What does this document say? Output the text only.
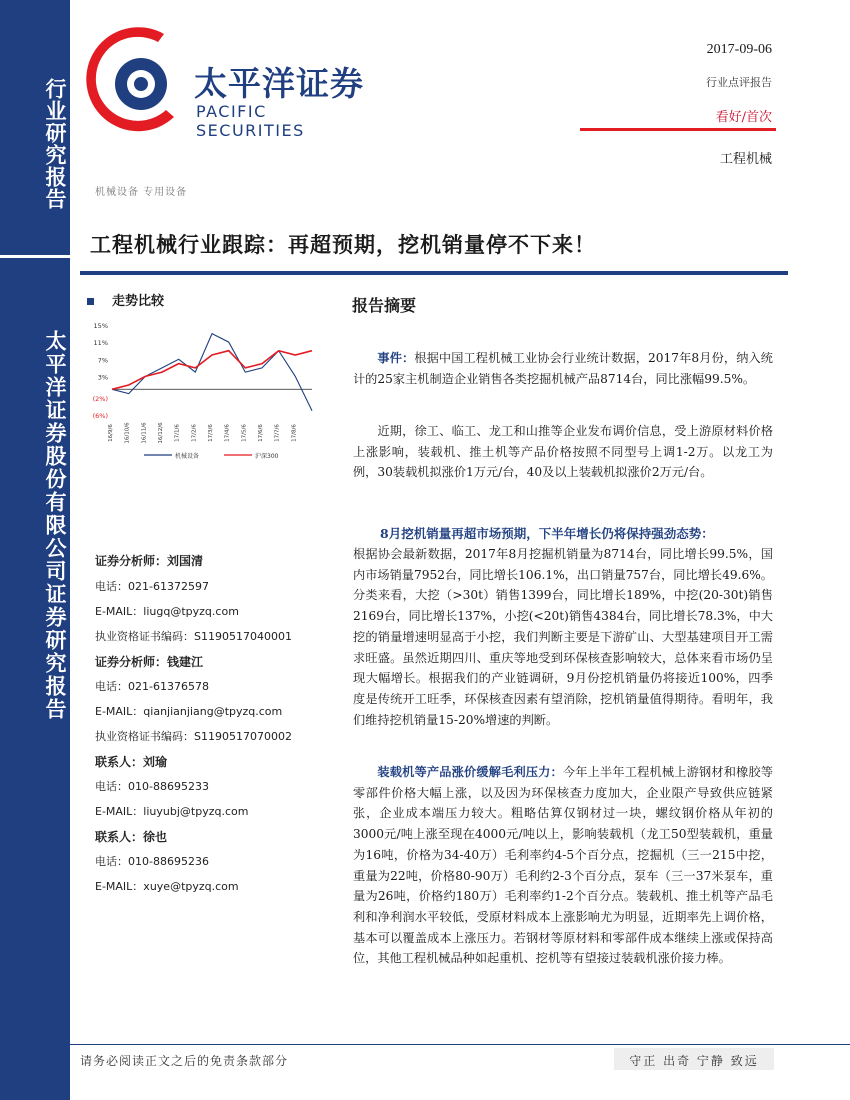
行业研究报告
太平洋证券股份有限公司证券研究报告
太平洋证券
PACIFIC SECURITIES
2017-09-06
行业点评报告
看好/首次
工程机械
机械设备 专用设备
工程机械行业跟踪：再超预期，挖机销量停不下来！
走势比较
15%
11%
7%
3%
(2%)
(6%)
16/9/6 16/10/6 16/11/6 16/12/6 17/1/6 17/2/6 17/3/6 17/4/6 17/5/6 17/6/6 17/7/6 17/8/6
机械设备	沪深300
证券分析师：刘国清
电话：021-61372597
E-MAIL：liugq@tpyzq.com
执业资格证书编码：S1190517040001
证券分析师：钱建江
电话：021-61376578
E-MAIL：qianjianjiang@tpyzq.com
执业资格证书编码：S1190517070002
联系人：刘瑜
电话：010-88695233
E-MAIL：liuyubj@tpyzq.com
联系人：徐也
电话：010-88695236
E-MAIL：xuye@tpyzq.com
报告摘要
事件：根据中国工程机械工业协会行业统计数据，2017年8月份，纳入统计的25家主机制造企业销售各类挖掘机械产品8714台，同比涨幅99.5%。
近期，徐工、临工、龙工和山推等企业发布调价信息，受上游原材料价格上涨影响，装载机、推土机等产品价格按照不同型号上调1-2万。以龙工为例，30装载机拟涨价1万元/台，40及以上装载机拟涨价2万元/台。
8月挖机销量再超市场预期，下半年增长仍将保持强劲态势：
根据协会最新数据，2017年8月挖掘机销量为8714台，同比增长99.5%，国内市场销量7952台，同比增长106.1%，出口销量757台，同比增长49.6%。分类来看，大挖（>30t）销售1399台，同比增长189%，中挖(20-30t)销售2169台，同比增长137%，小挖(<20t)销售4384台，同比增长78.3%，中大挖的销量增速明显高于小挖，我们判断主要是下游矿山、大型基建项目开工需求旺盛。虽然近期四川、重庆等地受到环保核查影响较大，总体来看市场仍呈现大幅增长。根据我们的产业链调研，9月份挖机销量仍将接近100%，四季度是传统开工旺季，环保核查因素有望消除，挖机销量值得期待。看明年，我们维持挖机销量15-20%增速的判断。
装载机等产品涨价缓解毛利压力：今年上半年工程机械上游钢材和橡胶等零部件价格大幅上涨，以及因为环保核查力度加大，企业限产导致供应链紧张，企业成本端压力较大。粗略估算仅钢材过一块，螺纹钢价格从年初的3000元/吨上涨至现在4000元/吨以上，影响装载机（龙工50型装载机，重量为16吨，价格为34-40万）毛利率约4-5个百分点，挖掘机（三一215中挖，重量为22吨，价格80-90万）毛利约2-3个百分点，泵车（三一37米泵车，重量为26吨，价格约180万）毛利率约1-2个百分点。装载机、推土机等产品毛利和净利润水平较低，受原材料成本上涨影响尤为明显，近期率先上调价格，基本可以覆盖成本上涨压力。若钢材等原材料和零部件成本继续上涨或保持高位，其他工程机械品种如起重机、挖机等有望接过装载机涨价接力棒。
请务必阅读正文之后的免责条款部分	守正 出奇 宁静 致远
